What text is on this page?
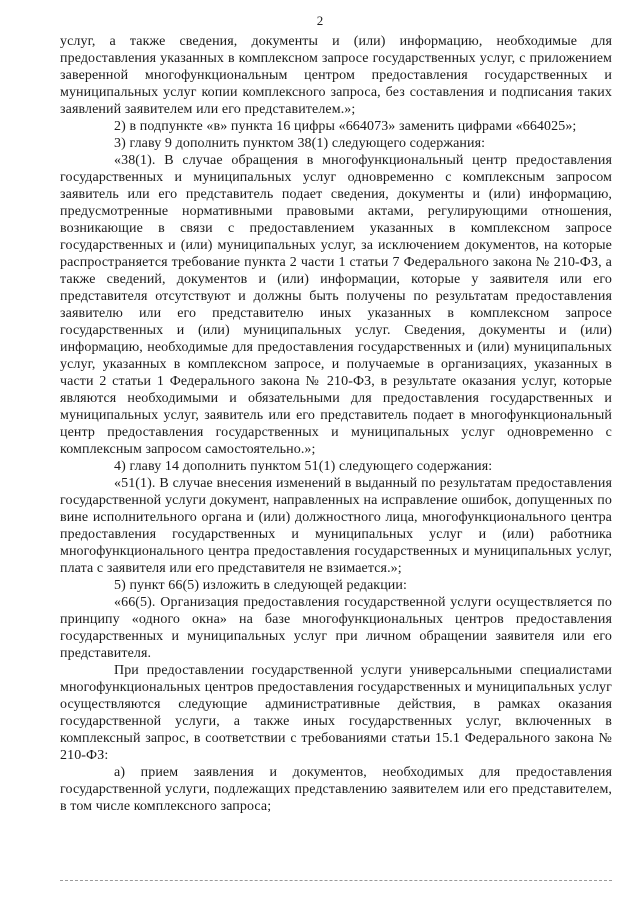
2

услуг, а также сведения, документы и (или) информацию, необходимые для предоставления указанных в комплексном запросе государственных услуг, с приложением заверенной многофункциональным центром предоставления государственных и муниципальных услуг копии комплексного запроса, без составления и подписания таких заявлений заявителем или его представителем.»;

2) в подпункте «в» пункта 16 цифры «664073» заменить цифрами «664025»;

3) главу 9 дополнить пунктом 38(1) следующего содержания:

«38(1). В случае обращения в многофункциональный центр предоставления государственных и муниципальных услуг одновременно с комплексным запросом заявитель или его представитель подает сведения, документы и (или) информацию, предусмотренные нормативными правовыми актами, регулирующими отношения, возникающие в связи с предоставлением указанных в комплексном запросе государственных и (или) муниципальных услуг, за исключением документов, на которые распространяется требование пункта 2 части 1 статьи 7 Федерального закона № 210-ФЗ, а также сведений, документов и (или) информации, которые у заявителя или его представителя отсутствуют и должны быть получены по результатам предоставления заявителю или его представителю иных указанных в комплексном запросе государственных и (или) муниципальных услуг. Сведения, документы и (или) информацию, необходимые для предоставления государственных и (или) муниципальных услуг, указанных в комплексном запросе, и получаемые в организациях, указанных в части 2 статьи 1 Федерального закона № 210-ФЗ, в результате оказания услуг, которые являются необходимыми и обязательными для предоставления государственных и муниципальных услуг, заявитель или его представитель подает в многофункциональный центр предоставления государственных и муниципальных услуг одновременно с комплексным запросом самостоятельно.»;

4) главу 14 дополнить пунктом 51(1) следующего содержания:

«51(1). В случае внесения изменений в выданный по результатам предоставления государственной услуги документ, направленных на исправление ошибок, допущенных по вине исполнительного органа и (или) должностного лица, многофункционального центра предоставления государственных и муниципальных услуг и (или) работника многофункционального центра предоставления государственных и муниципальных услуг, плата с заявителя или его представителя не взимается.»;

5) пункт 66(5) изложить в следующей редакции:

«66(5). Организация предоставления государственной услуги осуществляется по принципу «одного окна» на базе многофункциональных центров предоставления государственных и муниципальных услуг при личном обращении заявителя или его представителя.

При предоставлении государственной услуги универсальными специалистами многофункциональных центров предоставления государственных и муниципальных услуг осуществляются следующие административные действия, в рамках оказания государственной услуги, а также иных государственных услуг, включенных в комплексный запрос, в соответствии с требованиями статьи 15.1 Федерального закона № 210-ФЗ:

а) прием заявления и документов, необходимых для предоставления государственной услуги, подлежащих представлению заявителем или его представителем, в том числе комплексного запроса;
